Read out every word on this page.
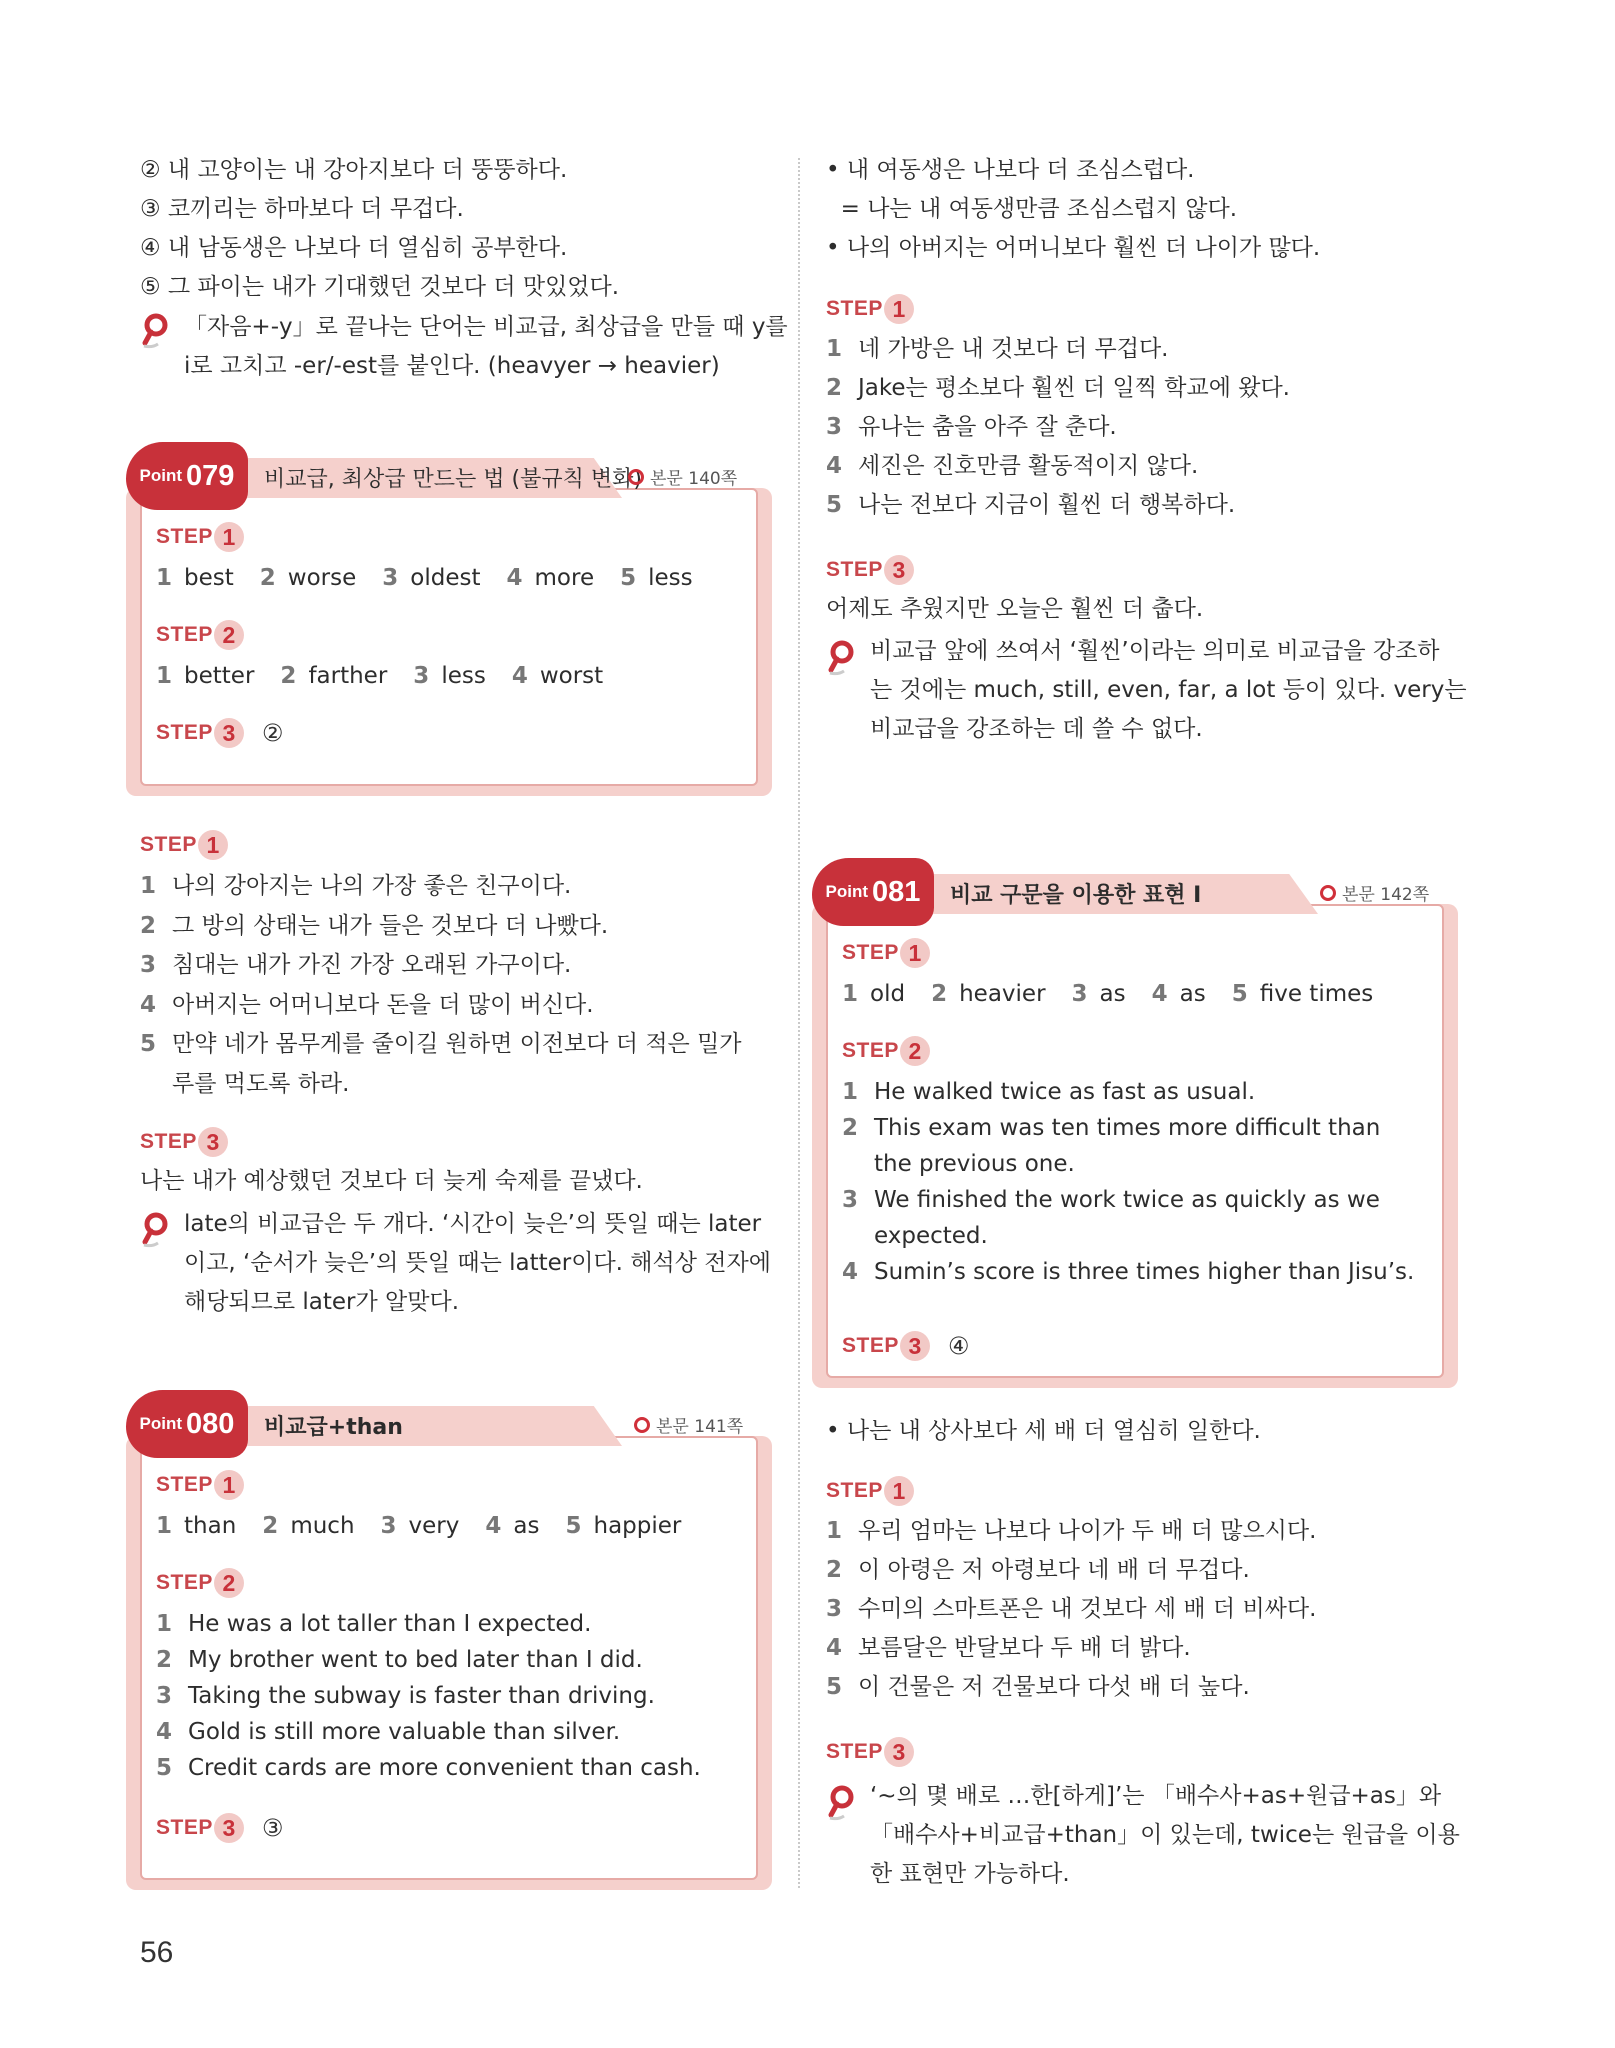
② 내 고양이는 내 강아지보다 더 뚱뚱하다.
③ 코끼리는 하마보다 더 무겁다.
④ 내 남동생은 나보다 더 열심히 공부한다.
⑤ 그 파이는 내가 기대했던 것보다 더 맛있었다.
「자음+-y」로 끝나는 단어는 비교급, 최상급을 만들 때 y를
i로 고치고 -er/-est를 붙인다. (heavyer → heavier)
Point 079 비교급, 최상급 만드는 법 (불규칙 변화) 본문 140쪽
STEP 1
1 best 2 worse 3 oldest 4 more 5 less
STEP 2
1 better 2 farther 3 less 4 worst
STEP 3	②
STEP 1
1 나의 강아지는 나의 가장 좋은 친구이다.
2 그 방의 상태는 내가 들은 것보다 더 나빴다.
3 침대는 내가 가진 가장 오래된 가구이다.
4 아버지는 어머니보다 돈을 더 많이 버신다.
5 만약 네가 몸무게를 줄이길 원하면 이전보다 더 적은 밀가
루를 먹도록 하라.
STEP 3
나는 내가 예상했던 것보다 더 늦게 숙제를 끝냈다.
late의 비교급은 두 개다. ‘시간이 늦은’의 뜻일 때는 later
이고, ‘순서가 늦은’의 뜻일 때는 latter이다. 해석상 전자에
해당되므로 later가 알맞다.
Point 080 비교급+than	본문 141쪽
STEP 1
1 than 2 much 3 very 4 as 5 happier
STEP 2
1 He was a lot taller than I expected.
2 My brother went to bed later than I did.
3 Taking the subway is faster than driving.
4 Gold is still more valuable than silver.
5 Credit cards are more convenient than cash.
STEP 3	③
• 내 여동생은 나보다 더 조심스럽다.
= 나는 내 여동생만큼 조심스럽지 않다.
• 나의 아버지는 어머니보다 훨씬 더 나이가 많다.
STEP 1
1 네 가방은 내 것보다 더 무겁다.
2 Jake는 평소보다 훨씬 더 일찍 학교에 왔다.
3 유나는 춤을 아주 잘 춘다.
4 세진은 진호만큼 활동적이지 않다.
5 나는 전보다 지금이 훨씬 더 행복하다.
STEP 3
어제도 추웠지만 오늘은 훨씬 더 춥다.
비교급 앞에 쓰여서 ‘훨씬’이라는 의미로 비교급을 강조하
는 것에는 much, still, even, far, a lot 등이 있다. very는
비교급을 강조하는 데 쓸 수 없다.
Point 081 비교 구문을 이용한 표현 I	본문 142쪽
STEP 1
1 old 2 heavier 3 as 4 as 5 five times
STEP 2
1 He walked twice as fast as usual.
2 This exam was ten times more difficult than
the previous one.
3 We finished the work twice as quickly as we
expected.
4 Sumin’s score is three times higher than Jisu’s.
STEP 3	④
• 나는 내 상사보다 세 배 더 열심히 일한다.
STEP 1
1 우리 엄마는 나보다 나이가 두 배 더 많으시다.
2 이 아령은 저 아령보다 네 배 더 무겁다.
3 수미의 스마트폰은 내 것보다 세 배 더 비싸다.
4 보름달은 반달보다 두 배 더 밝다.
5 이 건물은 저 건물보다 다섯 배 더 높다.
STEP 3
‘~의 몇 배로 …한[하게]’는 「배수사+as+원급+as」와
「배수사+비교급+than」이 있는데, twice는 원급을 이용
한 표현만 가능하다.
56
